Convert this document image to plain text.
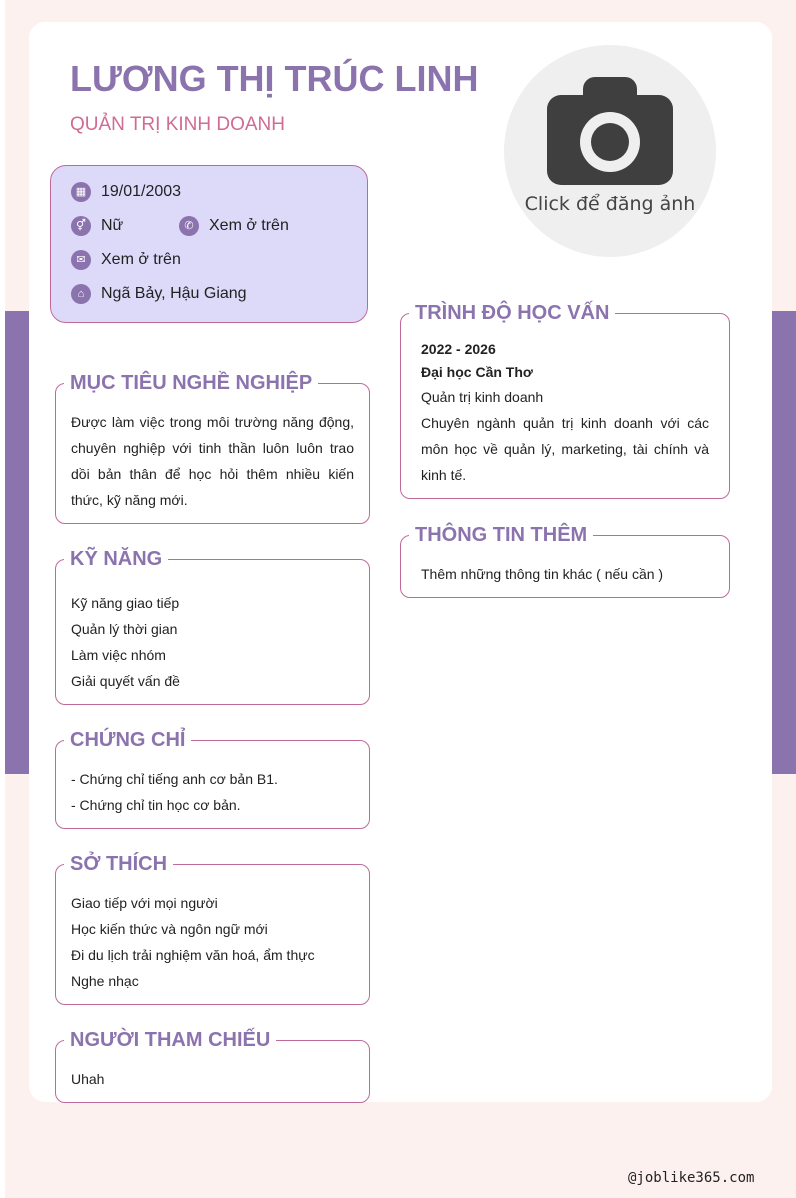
LƯƠNG THỊ TRÚC LINH
QUẢN TRỊ KINH DOANH
▦ 19/01/2003
⚥ Nữ	✆ Xem ở trên
✉ Xem ở trên
⌂	Ngã Bảy, Hậu Giang
Click để đăng ảnh
MỤC TIÊU NGHỀ NGHIỆP
Được làm việc trong môi trường năng động, chuyên nghiệp với tinh thần luôn luôn trao dồi bản thân để học hỏi thêm nhiều kiến thức, kỹ năng mới.
KỸ NĂNG
Kỹ năng giao tiếp
Quản lý thời gian
Làm việc nhóm
Giải quyết vấn đề
CHỨNG CHỈ
- Chứng chỉ tiếng anh cơ bản B1.
- Chứng chỉ tin học cơ bản.
SỞ THÍCH
Giao tiếp với mọi người
Học kiến thức và ngôn ngữ mới
Đi du lịch trải nghiệm văn hoá, ẩm thực
Nghe nhạc
NGƯỜI THAM CHIẾU
Uhah
TRÌNH ĐỘ HỌC VẤN
2022 - 2026
Đại học Cần Thơ
Quản trị kinh doanh
Chuyên ngành quản trị kinh doanh với các môn học về quản lý, marketing, tài chính và kinh tế.
THÔNG TIN THÊM
Thêm những thông tin khác ( nếu cần )
@joblike365.com
